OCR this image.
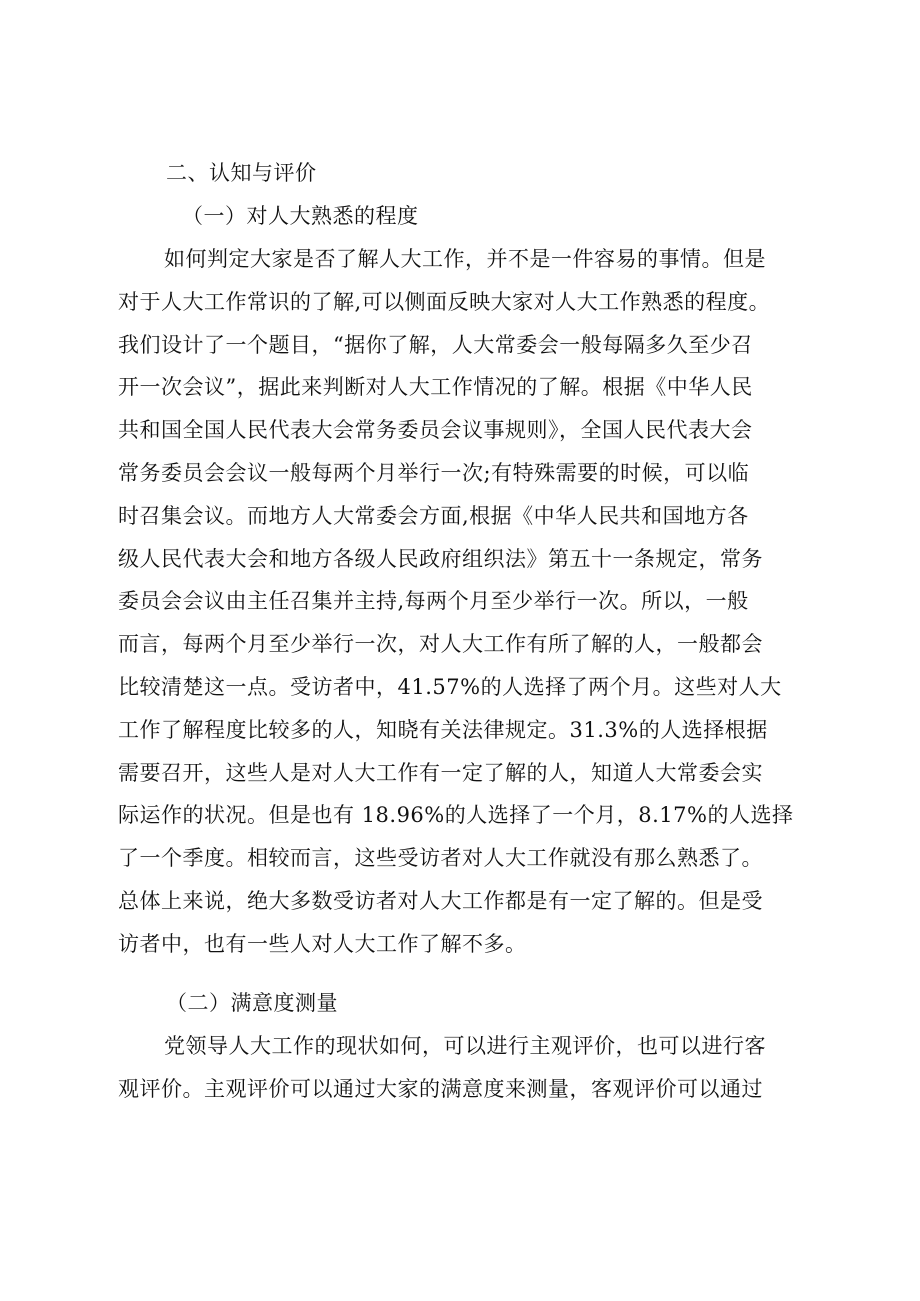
二、认知与评价
（一）对人大熟悉的程度
如何判定大家是否了解人大工作，并不是一件容易的事情。但是
对于人大工作常识的了解,可以侧面反映大家对人大工作熟悉的程度。
我们设计了一个题目，“据你了解，人大常委会一般每隔多久至少召
开一次会议”，据此来判断对人大工作情况的了解。根据《中华人民
共和国全国人民代表大会常务委员会议事规则》，全国人民代表大会
常务委员会会议一般每两个月举行一次;有特殊需要的时候，可以临
时召集会议。而地方人大常委会方面,根据《中华人民共和国地方各
级人民代表大会和地方各级人民政府组织法》第五十一条规定，常务
委员会会议由主任召集并主持,每两个月至少举行一次。所以，一般
而言，每两个月至少举行一次，对人大工作有所了解的人，一般都会
比较清楚这一点。受访者中，41.57%的人选择了两个月。这些对人大
工作了解程度比较多的人，知晓有关法律规定。31.3%的人选择根据
需要召开，这些人是对人大工作有一定了解的人，知道人大常委会实
际运作的状况。但是也有 18.96%的人选择了一个月，8.17%的人选择
了一个季度。相较而言，这些受访者对人大工作就没有那么熟悉了。
总体上来说，绝大多数受访者对人大工作都是有一定了解的。但是受
访者中，也有一些人对人大工作了解不多。
（二）满意度测量
党领导人大工作的现状如何，可以进行主观评价，也可以进行客
观评价。主观评价可以通过大家的满意度来测量，客观评价可以通过
